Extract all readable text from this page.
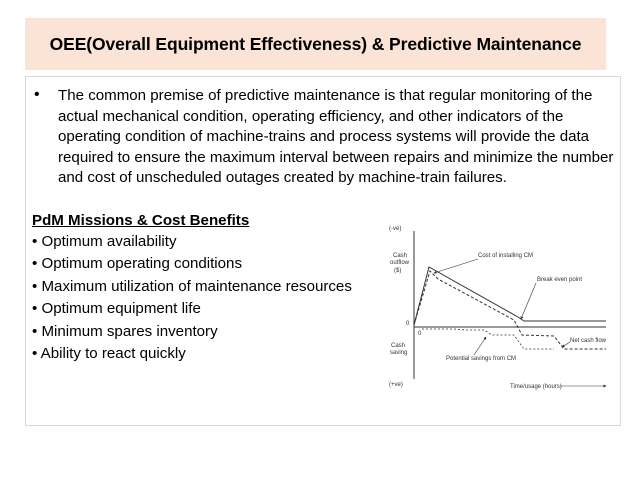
OEE(Overall Equipment Effectiveness) & Predictive Maintenance
• The common premise of predictive maintenance is that regular monitoring of the actual mechanical condition, operating efficiency, and other indicators of the operating condition of machine-trains and process systems will provide the data required to ensure the maximum interval between repairs and minimize the number and cost of unscheduled outages created by machine-train failures.
PdM Missions & Cost Benefits
• Optimum availability
• Optimum operating conditions
• Maximum utilization of maintenance resources
• Optimum equipment life
• Minimum spares inventory
• Ability to react quickly
(-ve)
Cash
outflow
($)
0
0
Cash
saving
(+ve)
Cost of installing CM
Break even point
Net cash flow
Potential savings from CM
Time/usage (hours)
